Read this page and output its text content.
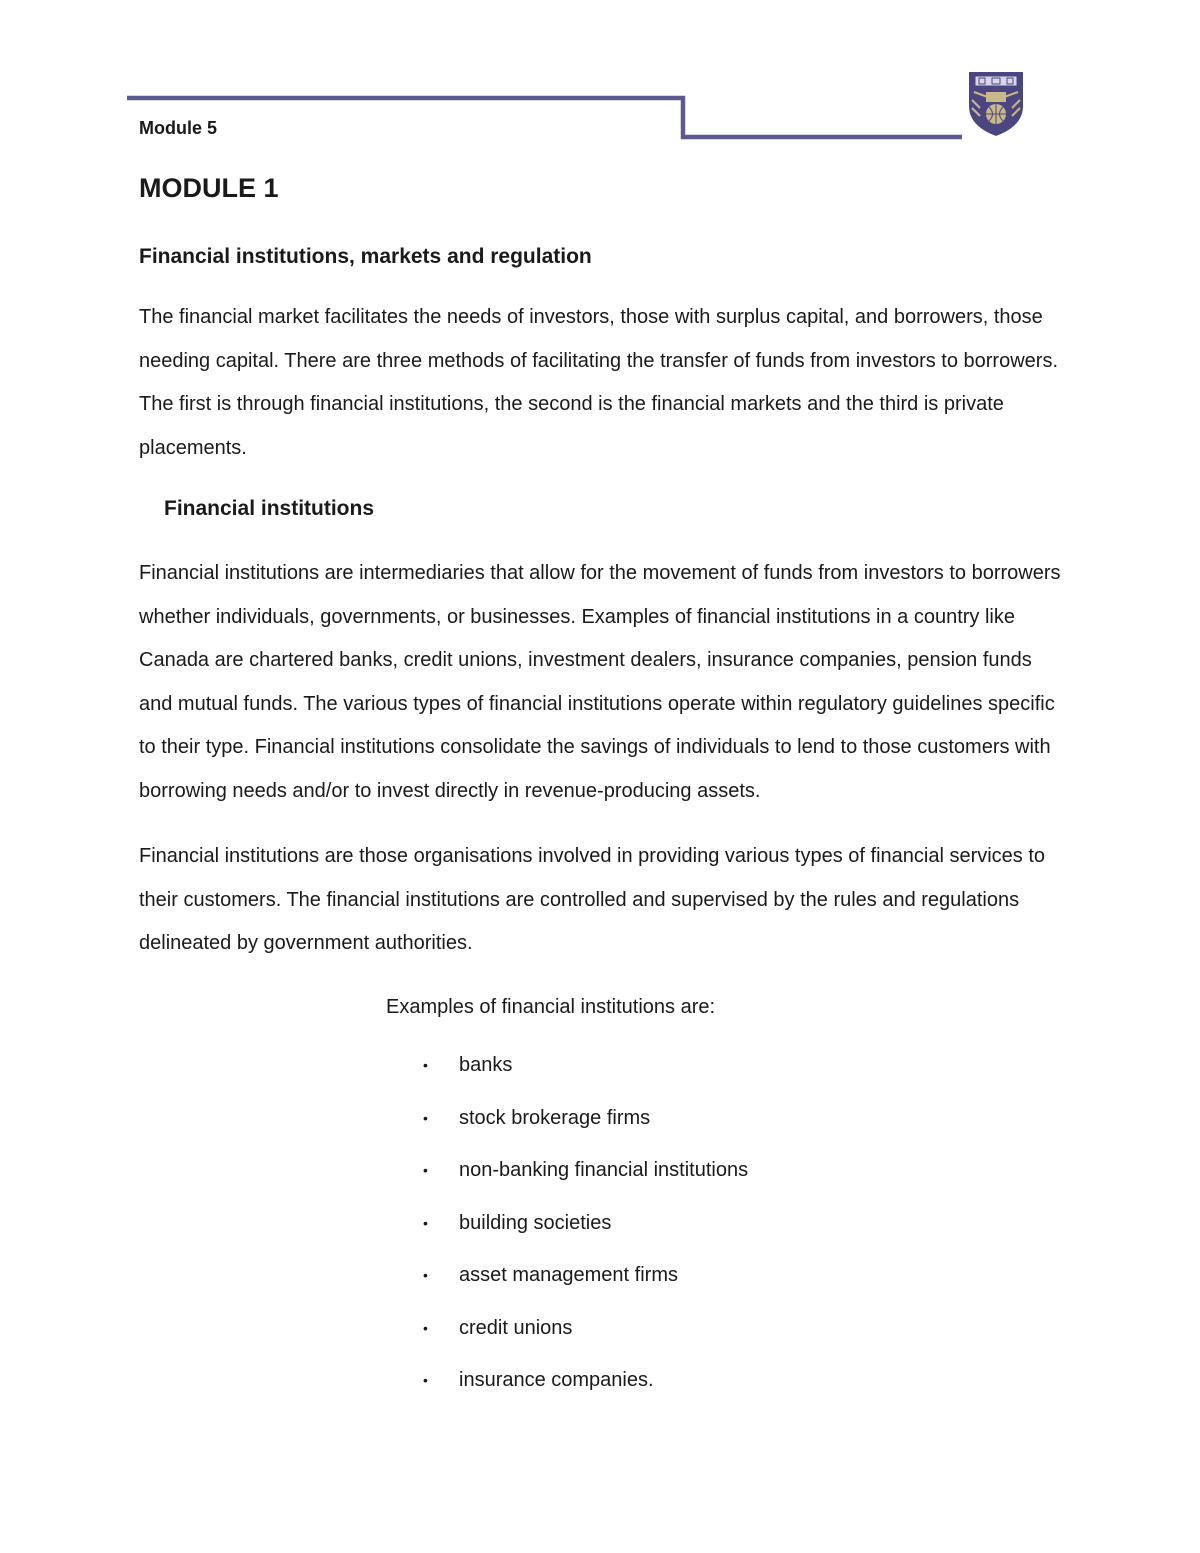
Module 5
MODULE 1
Financial institutions, markets and regulation

The financial market facilitates the needs of investors, those with surplus capital, and borrowers, those needing capital. There are three methods of facilitating the transfer of funds from investors to borrowers. The first is through financial institutions, the second is the financial markets and the third is private placements.

Financial institutions

Financial institutions are intermediaries that allow for the movement of funds from investors to borrowers whether individuals, governments, or businesses. Examples of financial institutions in a country like Canada are chartered banks, credit unions, investment dealers, insurance companies, pension funds and mutual funds. The various types of financial institutions operate within regulatory guidelines specific to their type. Financial institutions consolidate the savings of individuals to lend to those customers with borrowing needs and/or to invest directly in revenue-producing assets.

Financial institutions are those organisations involved in providing various types of financial services to their customers. The financial institutions are controlled and supervised by the rules and regulations delineated by government authorities.

Examples of financial institutions are:

• banks
• stock brokerage firms
• non-banking financial institutions
• building societies
• asset management firms
• credit unions
• insurance companies.
